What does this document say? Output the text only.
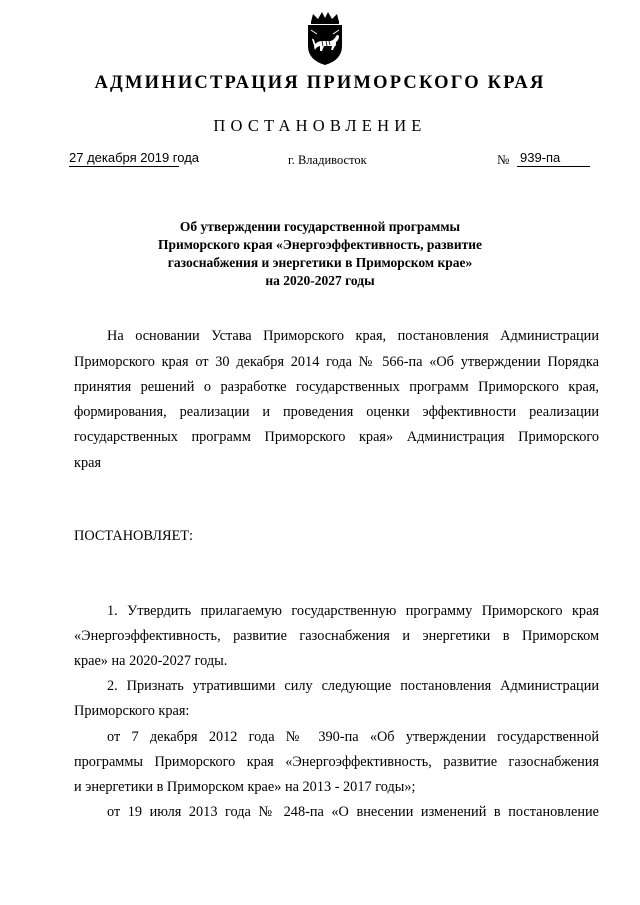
АДМИНИСТРАЦИЯ ПРИМОРСКОГО КРАЯ
ПОСТАНОВЛЕНИЕ
27 декабря 2019 года	г. Владивосток	№ 939-па
Об утверждении государственной программы
Приморского края «Энергоэффективность, развитие
газоснабжения и энергетики в Приморском крае»
на 2020-2027 годы
На основании Устава Приморского края, постановления Администрации
Приморского края от 30 декабря 2014 года № 566-па «Об утверждении Порядка
принятия решений о разработке государственных программ Приморского края,
формирования, реализации и проведения оценки эффективности реализации
государственных программ Приморского края» Администрация Приморского
края
ПОСТАНОВЛЯЕТ:
1. Утвердить прилагаемую государственную программу Приморского края
«Энергоэффективность, развитие газоснабжения и энергетики в Приморском
крае» на 2020-2027 годы.
2. Признать утратившими силу следующие постановления Администрации
Приморского края:
от 7 декабря 2012 года № 390-па «Об утверждении государственной
программы Приморского края «Энергоэффективность, развитие газоснабжения
и энергетики в Приморском крае» на 2013 - 2017 годы»;
от 19 июля 2013 года № 248-па «О внесении изменений в постановление
